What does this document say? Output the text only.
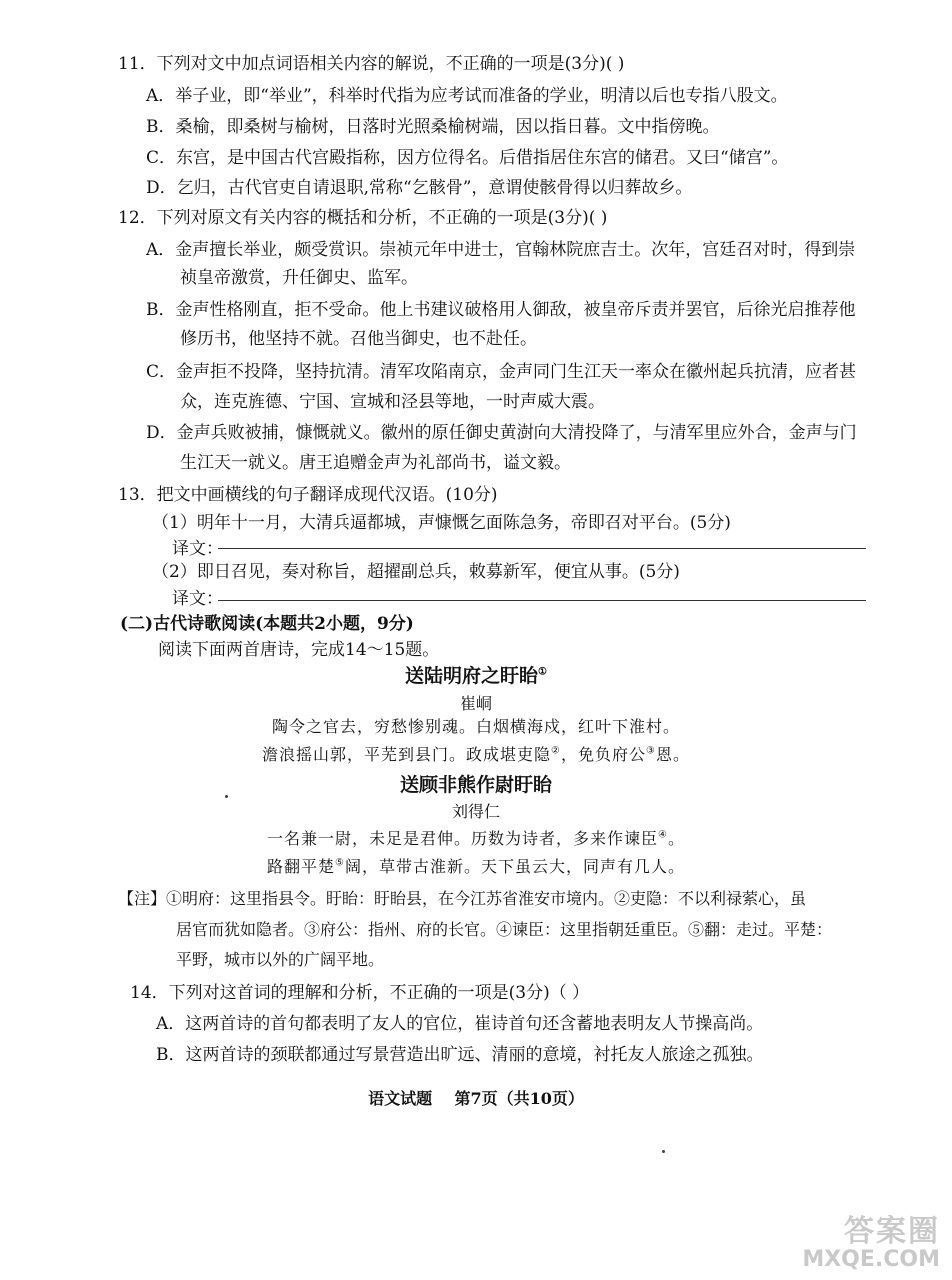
11．下列对文中加点词语相关内容的解说，不正确的一项是(3分)( )
A．举子业，即“举业”，科举时代指为应考试而准备的学业，明清以后也专指八股文。
B．桑榆，即桑树与榆树，日落时光照桑榆树端，因以指日暮。文中指傍晚。
C．东宫，是中国古代宫殿指称，因方位得名。后借指居住东宫的储君。又曰“储宫”。
D．乞归，古代官吏自请退职,常称“乞骸骨”，意谓使骸骨得以归葬故乡。
12．下列对原文有关内容的概括和分析，不正确的一项是(3分)( )
A．金声擅长举业，颇受赏识。崇祯元年中进士，官翰林院庶吉士。次年，宫廷召对时，得到崇
祯皇帝激赏，升任御史、监军。
B．金声性格刚直，拒不受命。他上书建议破格用人御敌，被皇帝斥责并罢官，后徐光启推荐他
修历书，他坚持不就。召他当御史，也不赴任。
C．金声拒不投降，坚持抗清。清军攻陷南京，金声同门生江天一率众在徽州起兵抗清，应者甚
众，连克旌德、宁国、宣城和泾县等地，一时声威大震。
D．金声兵败被捕，慷慨就义。徽州的原任御史黄澍向大清投降了，与清军里应外合，金声与门
生江天一就义。唐王追赠金声为礼部尚书，谥文毅。
13．把文中画横线的句子翻译成现代汉语。(10分)
（1）明年十一月，大清兵逼都城，声慷慨乞面陈急务，帝即召对平台。(5分)
译文：
（2）即日召见，奏对称旨，超擢副总兵，敕募新军，便宜从事。(5分)
译文：
(二)古代诗歌阅读(本题共2小题，9分)
阅读下面两首唐诗，完成14～15题。
送陆明府之盱眙①
崔峒
陶令之官去，穷愁惨别魂。白烟横海戍，红叶下淮村。
澹浪摇山郭，平芜到县门。政成堪吏隐②，免负府公③恩。
送顾非熊作尉盱眙
刘得仁
一名兼一尉，未足是君伸。历数为诗者，多来作谏臣④。
路翻平楚⑤阔，草带古淮新。天下虽云大，同声有几人。
【注】①明府：这里指县令。盱眙：盱眙县，在今江苏省淮安市境内。②吏隐：不以利禄萦心，虽
居官而犹如隐者。③府公：指州、府的长官。④谏臣：这里指朝廷重臣。⑤翻：走过。平楚：
平野，城市以外的广阔平地。
14．下列对这首词的理解和分析，不正确的一项是(3分)（ ）
A．这两首诗的首句都表明了友人的官位，崔诗首句还含蓄地表明友人节操高尚。
B．这两首诗的颈联都通过写景营造出旷远、清丽的意境，衬托友人旅途之孤独。
语文试题    第7页（共10页）
答案圈
MXQE.COM
